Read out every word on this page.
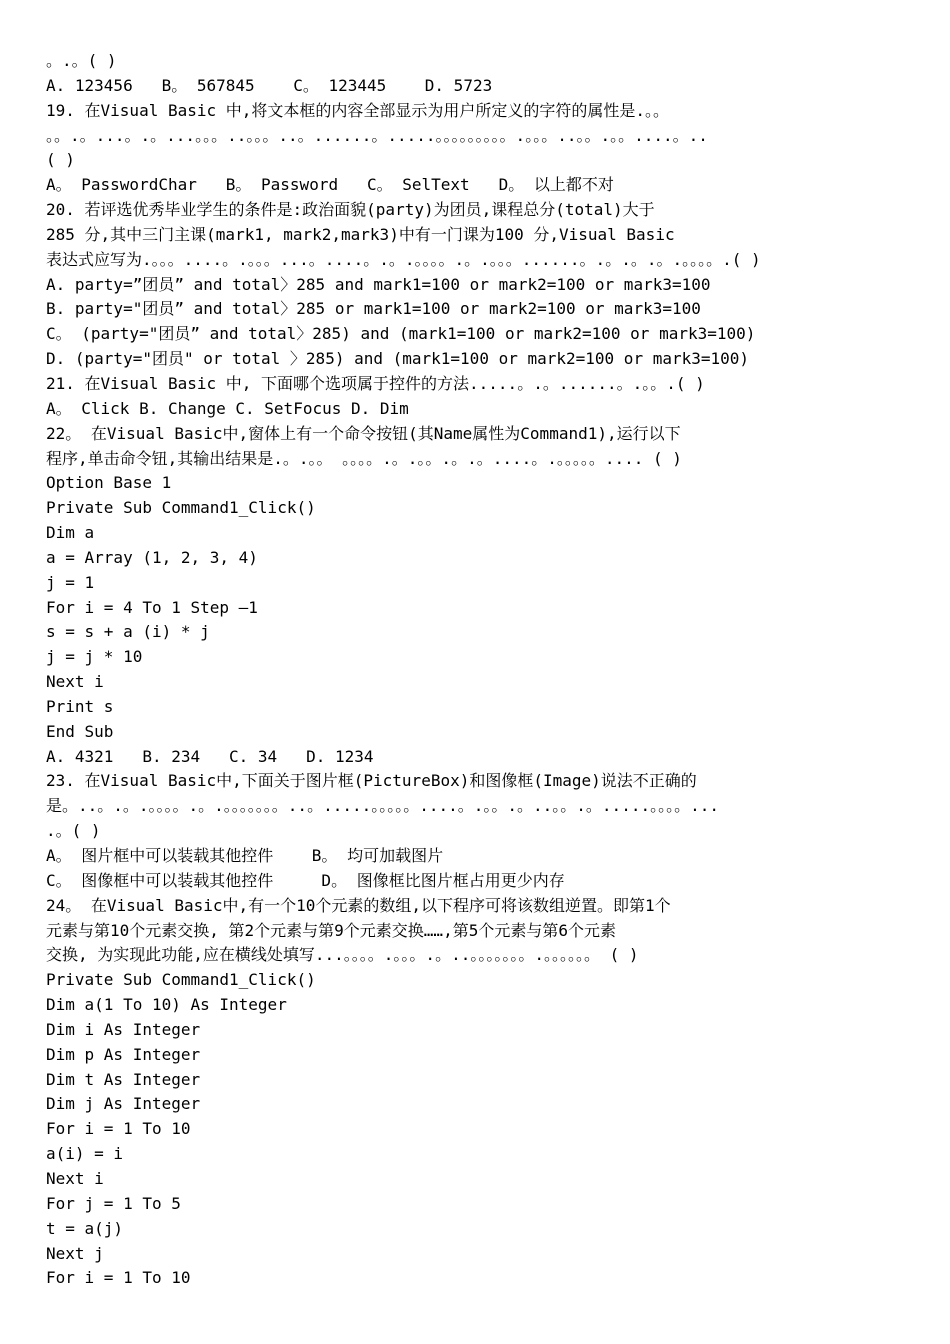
。.。( )
A. 123456   B。 567845    C。 123445    D. 5723
19. 在Visual Basic 中,将文本框的内容全部显示为用户所定义的字符的属性是.。。
。。.。...。.。...。。。..。。。..。......。.....。。。。。。。。。.。。。..。。.。。....。..
( )
A。 PasswordChar   B。 Password   C。 SelText   D。 以上都不对
20. 若评选优秀毕业学生的条件是:政治面貌(party)为团员,课程总分(total)大于
285 分,其中三门主课(mark1, mark2,mark3)中有一门课为100 分,Visual Basic
表达式应写为.。。。....。.。。。...。....。.。.。。。。.。.。。。......。.。.。.。.。。。。.( )
A. party=”团员” and total〉285 and mark1=100 or mark2=100 or mark3=100
B. party="团员” and total〉285 or mark1=100 or mark2=100 or mark3=100
C。 (party="团员” and total〉285) and (mark1=100 or mark2=100 or mark3=100)
D. (party="团员" or total 〉285) and (mark1=100 or mark2=100 or mark3=100)
21. 在Visual Basic 中, 下面哪个选项属于控件的方法.....。.。......。.。。.( )
A。 Click B. Change C. SetFocus D. Dim
22。 在Visual Basic中,窗体上有一个命令按钮(其Name属性为Command1),运行以下
程序,单击命令钮,其输出结果是.。.。。 。。。。.。.。。.。.。....。.。。。。。.... ( )
Option Base 1
Private Sub Command1_Click()
Dim a
a = Array (1, 2, 3, 4)
j = 1
For i = 4 To 1 Step —1
s = s + a (i) * j
j = j * 10
Next i
Print s
End Sub
A. 4321   B. 234   C. 34   D. 1234
23. 在Visual Basic中,下面关于图片框(PictureBox)和图像框(Image)说法不正确的
是。..。.。.。。。。.。.。。。。。。。..。.....。。。。。....。.。。.。..。。.。.....。。。。...
.。( )
A。 图片框中可以装载其他控件    B。 均可加载图片
C。 图像框中可以装载其他控件     D。 图像框比图片框占用更少内存
24。 在Visual Basic中,有一个10个元素的数组,以下程序可将该数组逆置。即第1个
元素与第10个元素交换, 第2个元素与第9个元素交换……,第5个元素与第6个元素
交换, 为实现此功能,应在横线处填写...。。。。.。。。.。..。。。。。。。.。。。。。。 ( )
Private Sub Command1_Click()
Dim a(1 To 10) As Integer
Dim i As Integer
Dim p As Integer
Dim t As Integer
Dim j As Integer
For i = 1 To 10
a(i) = i
Next i
For j = 1 To 5
t = a(j)
Next j
For i = 1 To 10
